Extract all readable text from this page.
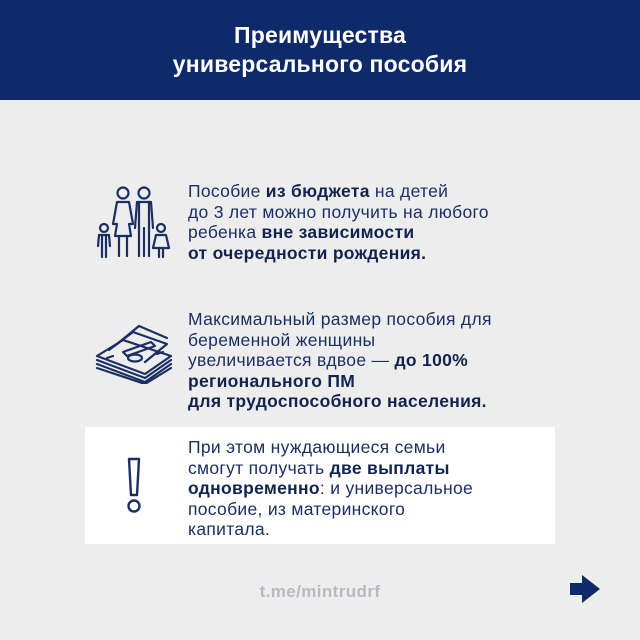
Преимущества
универсального пособия
Пособие из бюджета на детей
до 3 лет можно получить на любого
ребенка вне зависимости
от очередности рождения.
Максимальный размер пособия для
беременной женщины
увеличивается вдвое — до 100%
регионального ПМ
для трудоспособного населения.
При этом нуждающиеся семьи
смогут получать две выплаты
одновременно: и универсальное
пособие, из материнского
капитала.
t.me/mintrudrf
